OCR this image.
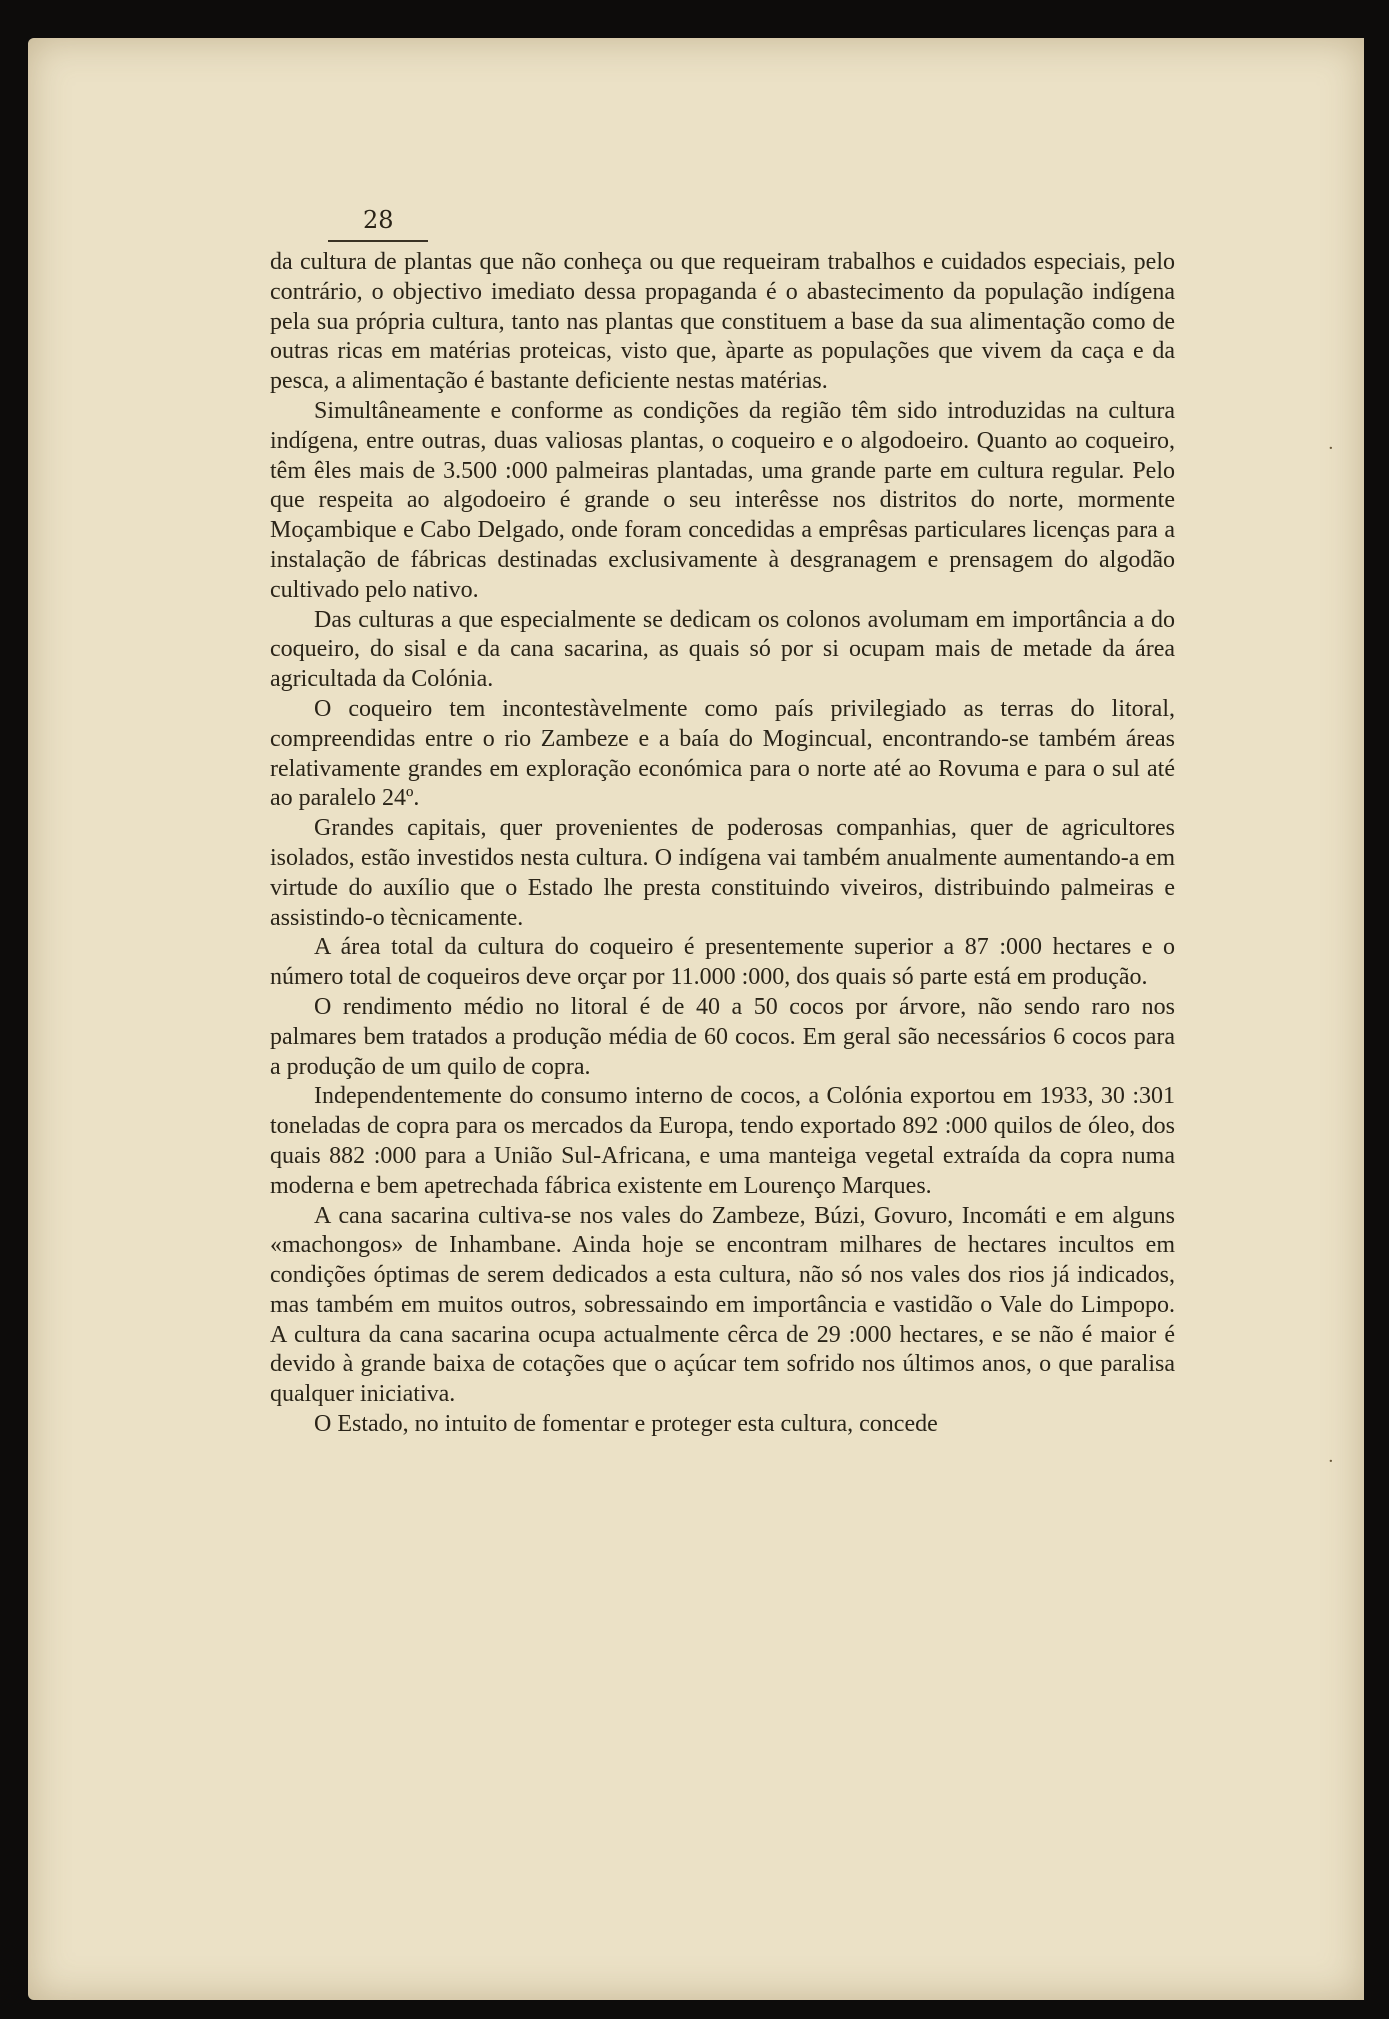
28
·
·

da cultura de plantas que não conheça ou que requeiram trabalhos e cuidados especiais, pelo contrário, o objectivo imediato dessa propaganda é o abastecimento da população indígena pela sua própria cultura, tanto nas plantas que constituem a base da sua alimentação como de outras ricas em matérias proteicas, visto que, àparte as populações que vivem da caça e da pesca, a alimentação é bastante deficiente nestas matérias.

Simultâneamente e conforme as condições da região têm sido introduzidas na cultura indígena, entre outras, duas valiosas plantas, o coqueiro e o algodoeiro. Quanto ao coqueiro, têm êles mais de 3.500 :000 palmeiras plantadas, uma grande parte em cultura regular. Pelo que respeita ao algodoeiro é grande o seu interêsse nos distritos do norte, mormente Moçambique e Cabo Delgado, onde foram concedidas a emprêsas particulares licenças para a instalação de fábricas destinadas exclusivamente à desgranagem e prensagem do algodão cultivado pelo nativo.

Das culturas a que especialmente se dedicam os colonos avolumam em importância a do coqueiro, do sisal e da cana sacarina, as quais só por si ocupam mais de metade da área agricultada da Colónia.

O coqueiro tem incontestàvelmente como país privilegiado as terras do litoral, compreendidas entre o rio Zambeze e a baía do Mogincual, encontrando-se também áreas relativamente grandes em exploração económica para o norte até ao Rovuma e para o sul até ao paralelo 24º.

Grandes capitais, quer provenientes de poderosas companhias, quer de agricultores isolados, estão investidos nesta cultura. O indígena vai também anualmente aumentando-a em virtude do auxílio que o Estado lhe presta constituindo viveiros, distribuindo palmeiras e assistindo-o tècnicamente.

A área total da cultura do coqueiro é presentemente superior a 87 :000 hectares e o número total de coqueiros deve orçar por 11.000 :000, dos quais só parte está em produção.

O rendimento médio no litoral é de 40 a 50 cocos por árvore, não sendo raro nos palmares bem tratados a produção média de 60 cocos. Em geral são necessários 6 cocos para a produção de um quilo de copra.

Independentemente do consumo interno de cocos, a Colónia exportou em 1933, 30 :301 toneladas de copra para os mercados da Europa, tendo exportado 892 :000 quilos de óleo, dos quais 882 :000 para a União Sul-Africana, e uma manteiga vegetal extraída da copra numa moderna e bem apetrechada fábrica existente em Lourenço Marques.

A cana sacarina cultiva-se nos vales do Zambeze, Búzi, Govuro, Incomáti e em alguns «machongos» de Inhambane. Ainda hoje se encontram milhares de hectares incultos em condições óptimas de serem dedicados a esta cultura, não só nos vales dos rios já indicados, mas também em muitos outros, sobressaindo em importância e vastidão o Vale do Limpopo. A cultura da cana sacarina ocupa actualmente cêrca de 29 :000 hectares, e se não é maior é devido à grande baixa de cotações que o açúcar tem sofrido nos últimos anos, o que paralisa qualquer iniciativa.

O Estado, no intuito de fomentar e proteger esta cultura, concede
